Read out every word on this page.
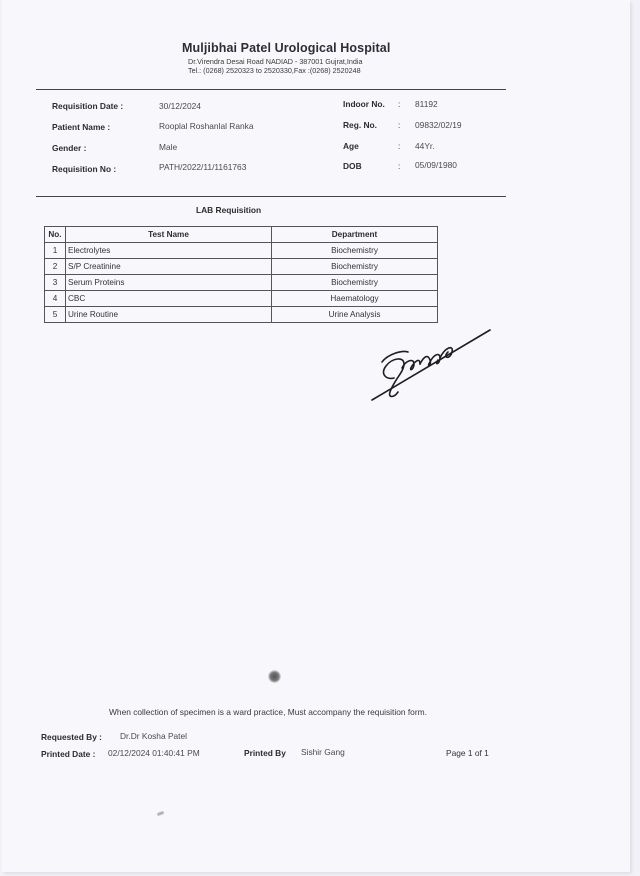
Muljibhai Patel Urological Hospital
Dr.Virendra Desai Road NADIAD - 387001 Gujrat,India
Tel.: (0268) 2520323 to 2520330,Fax :(0268) 2520248
Requisition Date :	30/12/2024
Patient Name :	Rooplal Roshanlal Ranka
Gender :	Male
Requisition No :	PATH/2022/11/1161763
Indoor No. : 81192
Reg. No.	: 09832/02/19
Age	: 44Yr.
DOB	: 05/09/1980
LAB Requisition
No.	Test Name	Department
1	Electrolytes	Biochemistry
2	S/P Creatinine	Biochemistry
3	Serum Proteins	Biochemistry
4	CBC	Haematology
5	Urine Routine	Urine Analysis
When collection of specimen is a ward practice, Must accompany the requisition form.
Requested By : Dr.Dr Kosha Patel
Printed Date : 02/12/2024 01:40:41 PM	Printed By Sishir Gang	Page 1 of 1
